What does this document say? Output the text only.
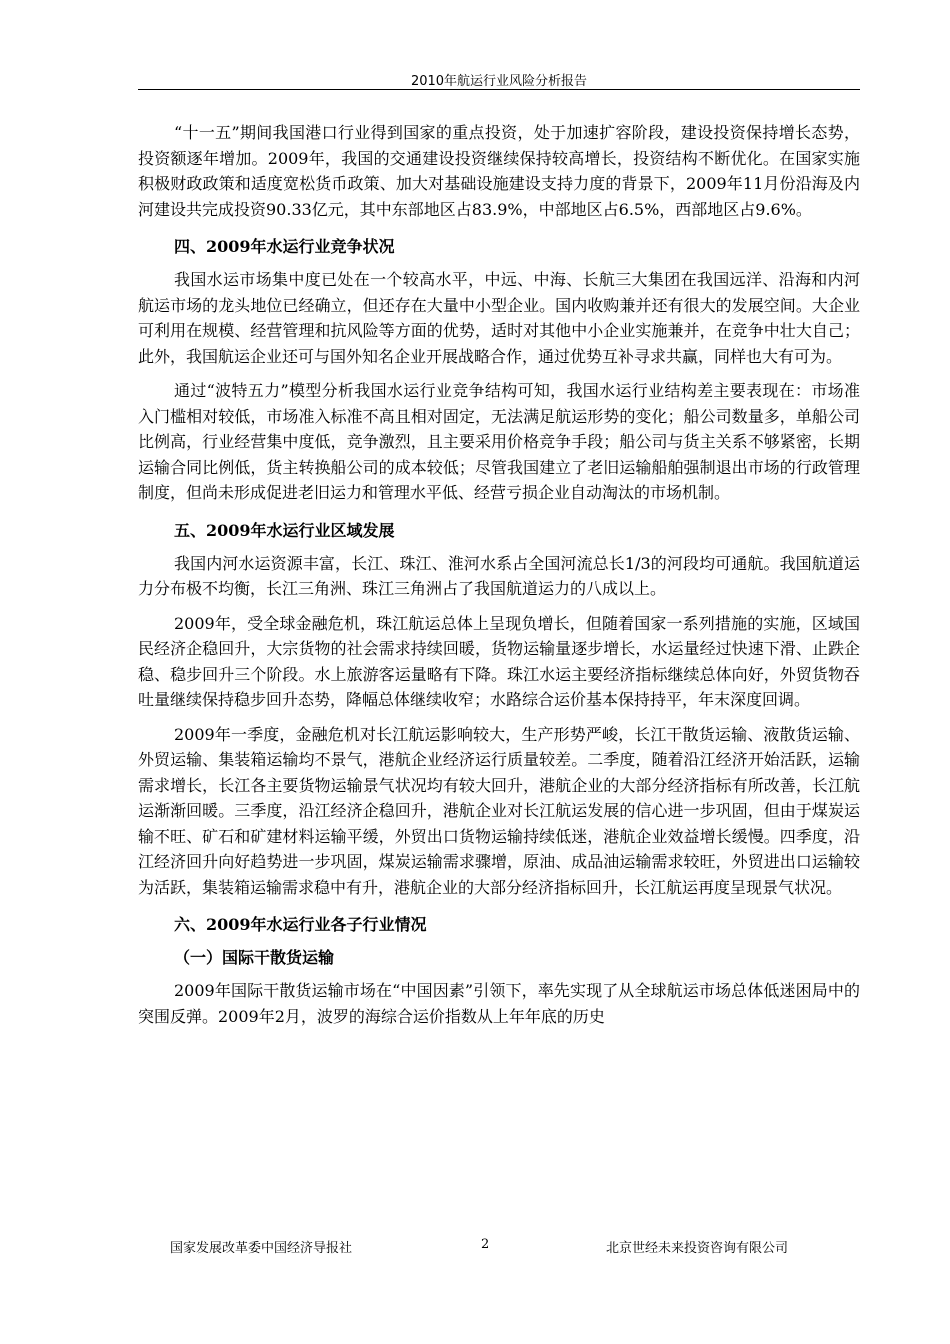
2010年航运行业风险分析报告

“十一五”期间我国港口行业得到国家的重点投资，处于加速扩容阶段，建设投资保持增长态势，投资额逐年增加。2009年，我国的交通建设投资继续保持较高增长，投资结构不断优化。在国家实施积极财政政策和适度宽松货币政策、加大对基础设施建设支持力度的背景下，2009年11月份沿海及内河建设共完成投资90.33亿元，其中东部地区占83.9%，中部地区占6.5%，西部地区占9.6%。

四、2009年水运行业竞争状况

我国水运市场集中度已处在一个较高水平，中远、中海、长航三大集团在我国远洋、沿海和内河航运市场的龙头地位已经确立，但还存在大量中小型企业。国内收购兼并还有很大的发展空间。大企业可利用在规模、经营管理和抗风险等方面的优势，适时对其他中小企业实施兼并，在竞争中壮大自己；此外，我国航运企业还可与国外知名企业开展战略合作，通过优势互补寻求共赢，同样也大有可为。

通过“波特五力”模型分析我国水运行业竞争结构可知，我国水运行业结构差主要表现在：市场准入门槛相对较低，市场准入标准不高且相对固定，无法满足航运形势的变化；船公司数量多，单船公司比例高，行业经营集中度低，竞争激烈，且主要采用价格竞争手段；船公司与货主关系不够紧密，长期运输合同比例低，货主转换船公司的成本较低；尽管我国建立了老旧运输船舶强制退出市场的行政管理制度，但尚未形成促进老旧运力和管理水平低、经营亏损企业自动淘汰的市场机制。

五、2009年水运行业区域发展

我国内河水运资源丰富，长江、珠江、淮河水系占全国河流总长1/3的河段均可通航。我国航道运力分布极不均衡，长江三角洲、珠江三角洲占了我国航道运力的八成以上。

2009年，受全球金融危机，珠江航运总体上呈现负增长，但随着国家一系列措施的实施，区域国民经济企稳回升，大宗货物的社会需求持续回暖，货物运输量逐步增长，水运量经过快速下滑、止跌企稳、稳步回升三个阶段。水上旅游客运量略有下降。珠江水运主要经济指标继续总体向好，外贸货物吞吐量继续保持稳步回升态势，降幅总体继续收窄；水路综合运价基本保持持平，年末深度回调。

2009年一季度，金融危机对长江航运影响较大，生产形势严峻，长江干散货运输、液散货运输、外贸运输、集装箱运输均不景气，港航企业经济运行质量较差。二季度，随着沿江经济开始活跃，运输需求增长，长江各主要货物运输景气状况均有较大回升，港航企业的大部分经济指标有所改善，长江航运渐渐回暖。三季度，沿江经济企稳回升，港航企业对长江航运发展的信心进一步巩固，但由于煤炭运输不旺、矿石和矿建材料运输平缓，外贸出口货物运输持续低迷，港航企业效益增长缓慢。四季度，沿江经济回升向好趋势进一步巩固，煤炭运输需求骤增，原油、成品油运输需求较旺，外贸进出口运输较为活跃，集装箱运输需求稳中有升，港航企业的大部分经济指标回升，长江航运再度呈现景气状况。

六、2009年水运行业各子行业情况
（一）国际干散货运输

2009年国际干散货运输市场在“中国因素”引领下，率先实现了从全球航运市场总体低迷困局中的突围反弹。2009年2月，波罗的海综合运价指数从上年年底的历史

国家发展改革委中国经济导报社	2	北京世经未来投资咨询有限公司
